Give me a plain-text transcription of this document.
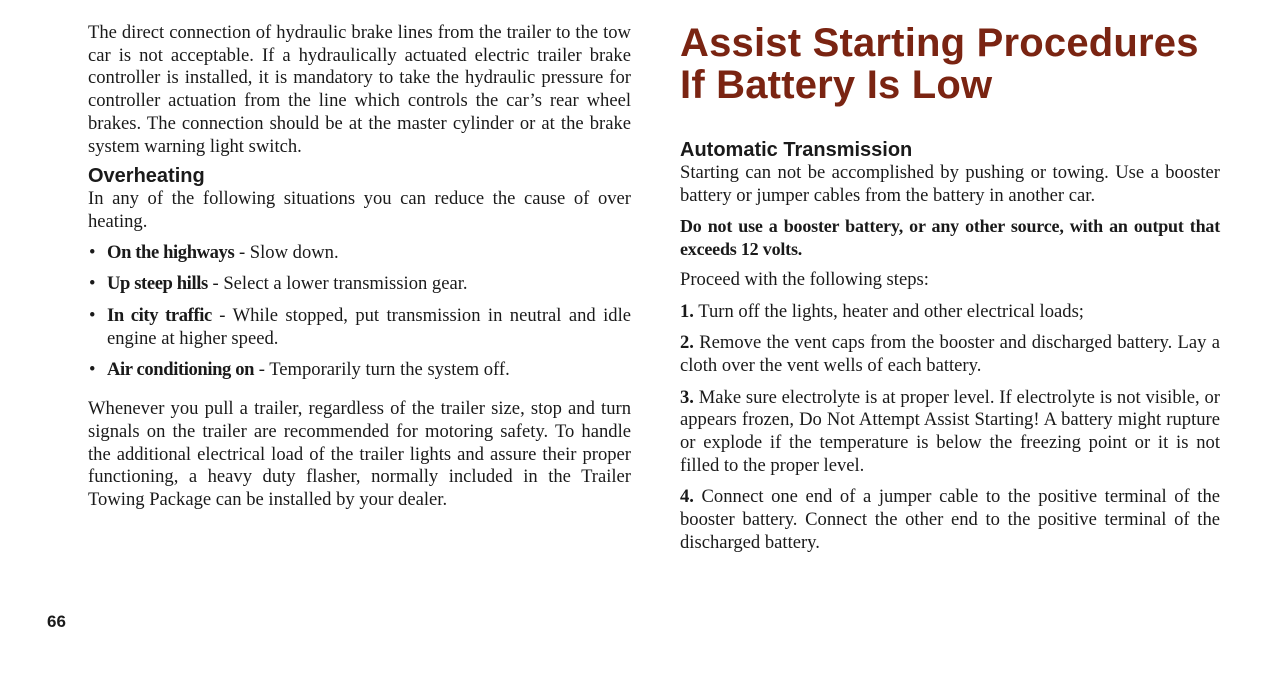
The direct connection of hydraulic brake lines from the trailer to the tow car is not acceptable. If a hydraulically actuated electric trailer brake controller is installed, it is mandatory to take the hydraulic pressure for controller actuation from the line which controls the car’s rear wheel brakes. The connection should be at the master cylinder or at the brake system warning light switch.

Overheating

In any of the following situations you can reduce the cause of over heating.

• On the highways - Slow down.
• Up steep hills - Select a lower transmission gear.
• In city traffic - While stopped, put transmission in neutral and idle engine at higher speed.
• Air conditioning on - Temporarily turn the system off.

Whenever you pull a trailer, regardless of the trailer size, stop and turn signals on the trailer are recommended for motoring safety. To handle the additional electrical load of the trailer lights and assure their proper functioning, a heavy duty flasher, normally included in the Trailer Towing Package can be installed by your dealer.

Assist Starting Procedures
If Battery Is Low
Automatic Transmission

Starting can not be accomplished by pushing or towing. Use a booster battery or jumper cables from the battery in another car.

Do not use a booster battery, or any other source, with an output that exceeds 12 volts.

Proceed with the following steps:

1. Turn off the lights, heater and other electrical loads;

2. Remove the vent caps from the booster and discharged battery. Lay a cloth over the vent wells of each battery.

3. Make sure electrolyte is at proper level. If electrolyte is not visible, or appears frozen, Do Not Attempt Assist Starting! A battery might rupture or explode if the temperature is below the freezing point or it is not filled to the proper level.

4. Connect one end of a jumper cable to the positive terminal of the booster battery. Connect the other end to the positive terminal of the discharged battery.

66
